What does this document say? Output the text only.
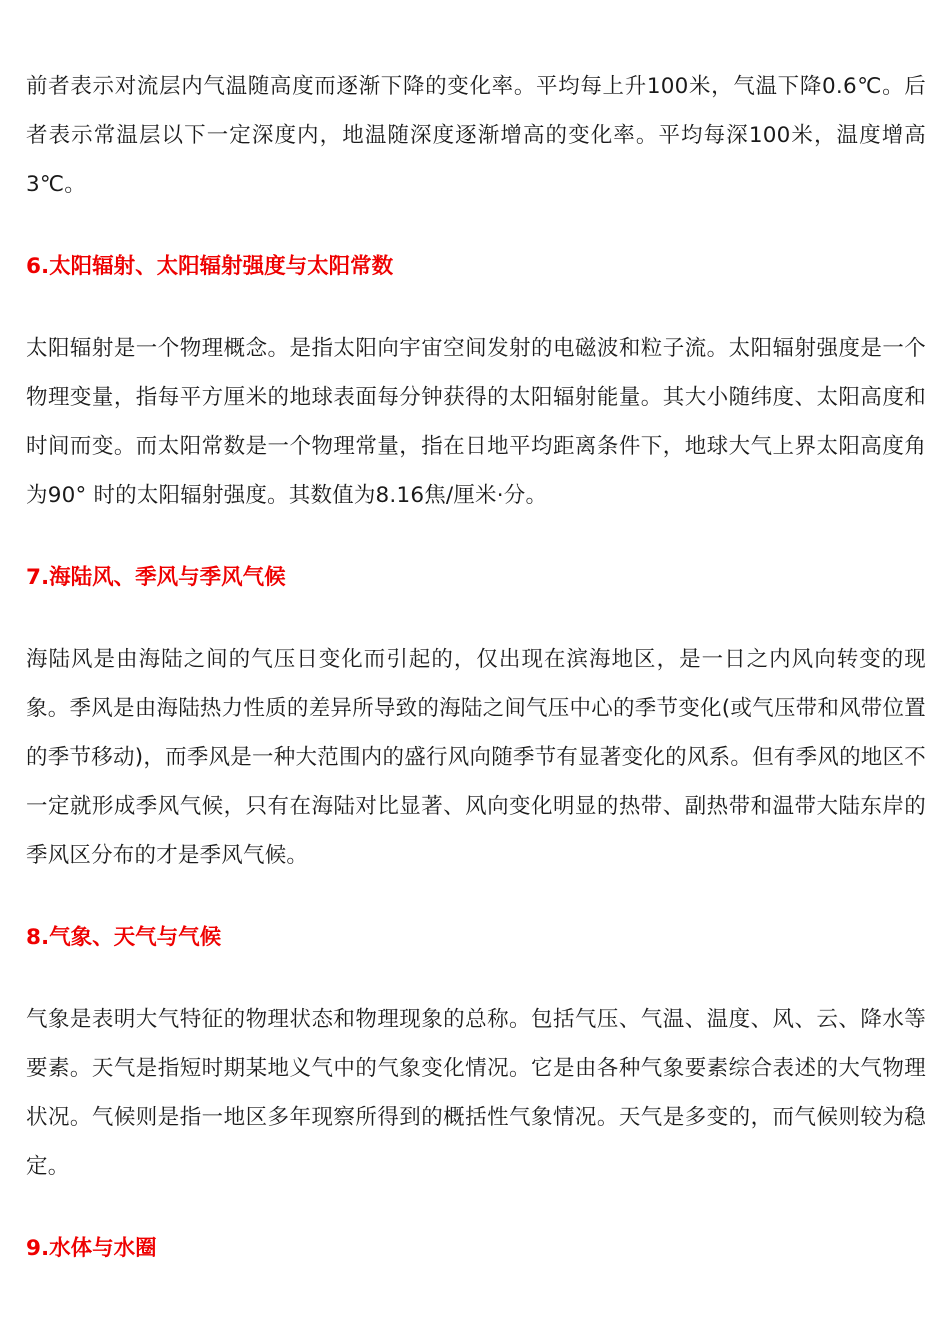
前者表示对流层内气温随高度而逐渐下降的变化率。平均每上升100米，气温下降0.6℃。后者表示常温层以下一定深度内，地温随深度逐渐增高的变化率。平均每深100米，温度增高3℃。

6.太阳辐射、太阳辐射强度与太阳常数

太阳辐射是一个物理概念。是指太阳向宇宙空间发射的电磁波和粒子流。太阳辐射强度是一个物理变量，指每平方厘米的地球表面每分钟获得的太阳辐射能量。其大小随纬度、太阳高度和时间而变。而太阳常数是一个物理常量，指在日地平均距离条件下，地球大气上界太阳高度角为90° 时的太阳辐射强度。其数值为8.16焦/厘米·分。

7.海陆风、季风与季风气候

海陆风是由海陆之间的气压日变化而引起的，仅出现在滨海地区，是一日之内风向转变的现象。季风是由海陆热力性质的差异所导致的海陆之间气压中心的季节变化(或气压带和风带位置的季节移动)，而季风是一种大范围内的盛行风向随季节有显著变化的风系。但有季风的地区不一定就形成季风气候，只有在海陆对比显著、风向变化明显的热带、副热带和温带大陆东岸的季风区分布的才是季风气候。

8.气象、天气与气候

气象是表明大气特征的物理状态和物理现象的总称。包括气压、气温、温度、风、云、降水等要素。天气是指短时期某地义气中的气象变化情况。它是由各种气象要素综合表述的大气物理状况。气候则是指一地区多年现察所得到的概括性气象情况。天气是多变的，而气候则较为稳定。

9.水体与水圈
